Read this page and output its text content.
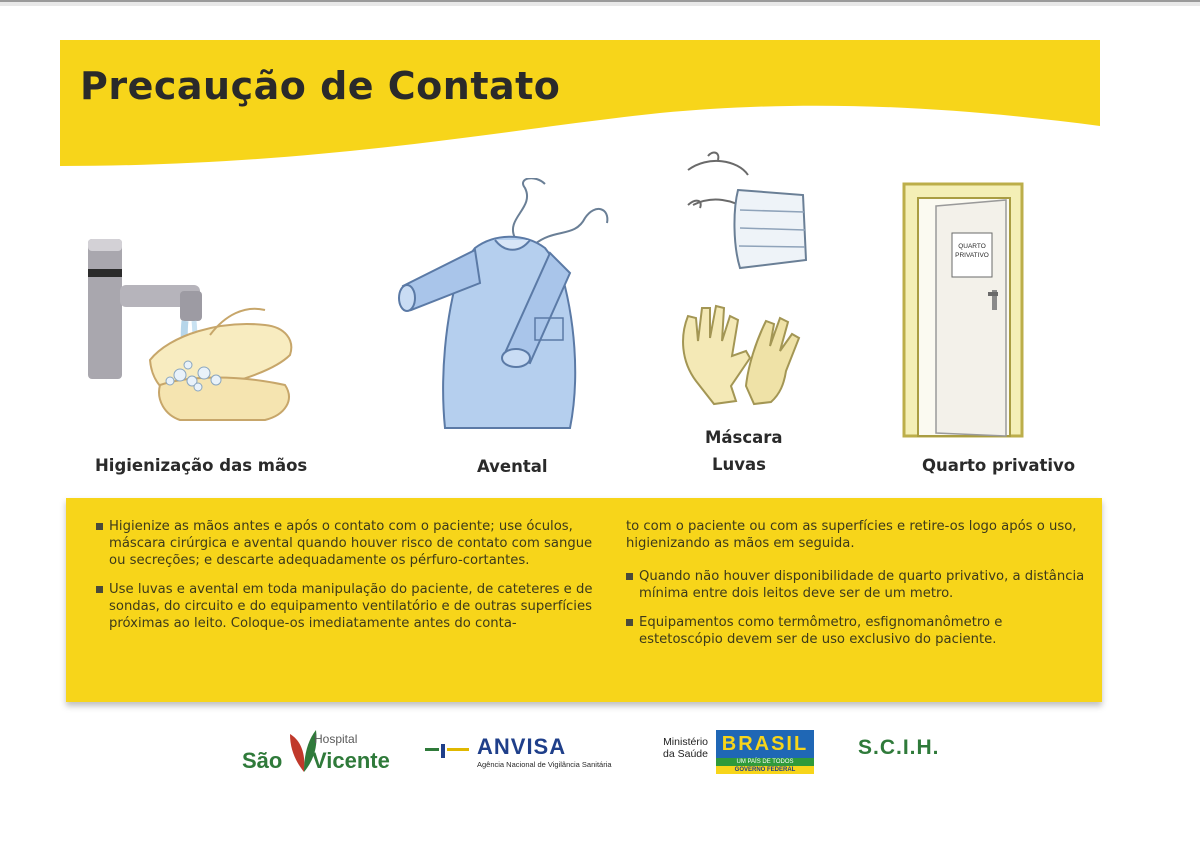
Precaução de Contato
Higienização das mãos	Avental
Máscara
Luvas
QUARTO
PRIVATIVO
Quarto privativo
Higienize as mãos antes e após o contato com o paciente; use óculos, máscara cirúrgica e avental quando houver risco de contato com sangue ou secreções; e descarte adequadamente os pérfuro-cortantes.
Use luvas e avental em toda manipulação do paciente, de cateteres e de sondas, do circuito e do equipamento ventilatório e de outras superfícies próximas ao leito. Coloque-os imediatamente antes do conta-
to com o paciente ou com as superfícies e retire-os logo após o uso, higienizando as mãos em seguida.
Quando não houver disponibilidade de quarto privativo, a distância mínima entre dois leitos deve ser de um metro.
Equipamentos como termômetro, esfignomanômetro e estetoscópio devem ser de uso exclusivo do paciente.
Hospital
São Vicente
ANVISA
Agência Nacional de Vigilância Sanitária
Ministério
da Saúde BRASIL
UM PAÍS DE TODOS
GOVERNO FEDERAL
S.C.I.H.
